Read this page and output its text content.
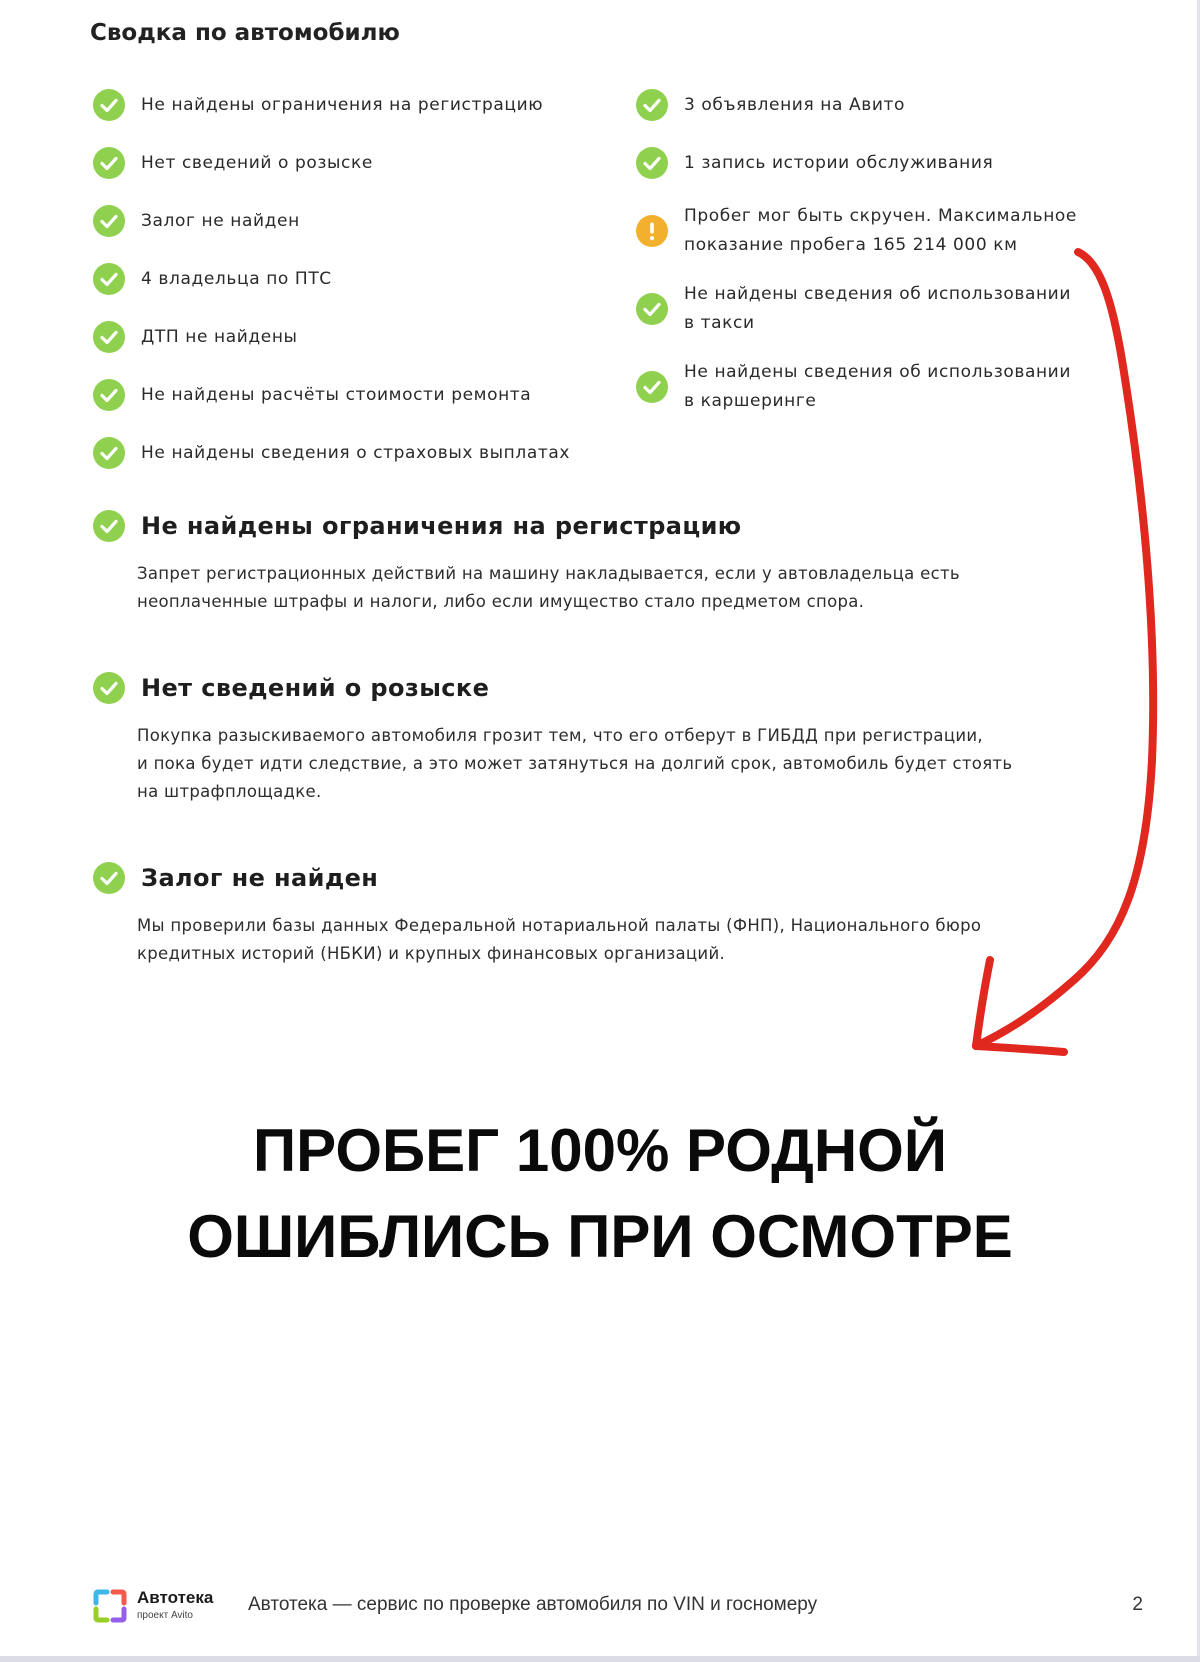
Сводка по автомобилю
Не найдены ограничения на регистрацию
Нет сведений о розыске
Залог не найден
4 владельца по ПТС
ДТП не найдены
Не найдены расчёты стоимости ремонта
Не найдены сведения о страховых выплатах
3 объявления на Авито
1 запись истории обслуживания
Пробег мог быть скручен. Максимальное
показание пробега 165 214 000 км
Не найдены сведения об использовании
в такси
Не найдены сведения об использовании
в каршеринге
Не найдены ограничения на регистрацию
Запрет регистрационных действий на машину накладывается, если у автовладельца есть
неоплаченные штрафы и налоги, либо если имущество стало предметом спора.
Нет сведений о розыске
Покупка разыскиваемого автомобиля грозит тем, что его отберут в ГИБДД при регистрации,
и пока будет идти следствие, а это может затянуться на долгий срок, автомобиль будет стоять
на штрафплощадке.
Залог не найден
Мы проверили базы данных Федеральной нотариальной палаты (ФНП), Национального бюро
кредитных историй (НБКИ) и крупных финансовых организаций.
ПРОБЕГ 100% РОДНОЙ
ОШИБЛИСЬ ПРИ ОСМОТРЕ
Автотека
проект Avito
Автотека — сервис по проверке автомобиля по VIN и госномеру	2
